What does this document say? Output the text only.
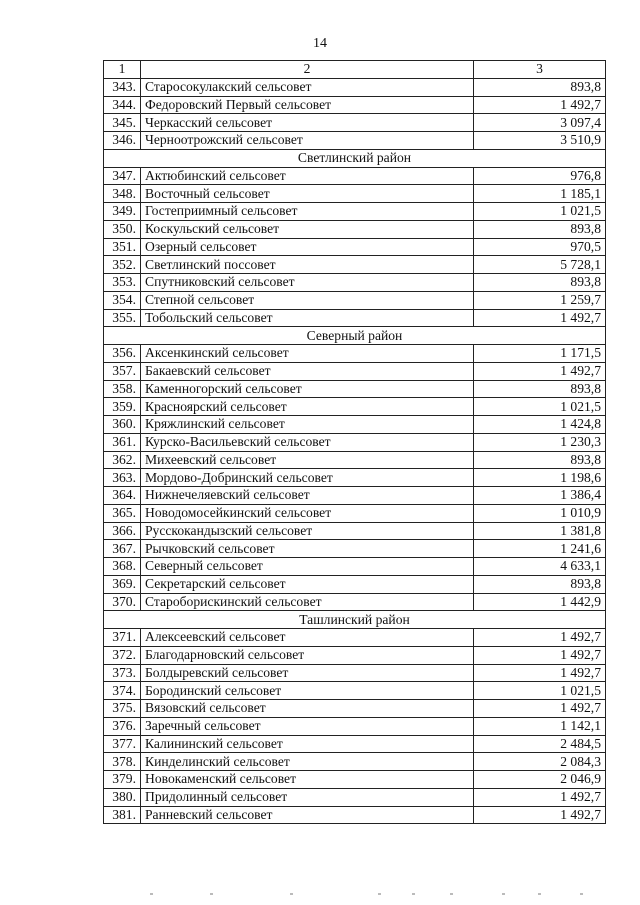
14
1	2	3
343.	Старосокулакский сельсовет	893,8
344.	Федоровский Первый сельсовет	1 492,7
345.	Черкасский сельсовет	3 097,4
346.	Черноотрожский сельсовет	3 510,9
Светлинский район		
347.	Актюбинский сельсовет	976,8
348.	Восточный сельсовет	1 185,1
349.	Гостеприимный сельсовет	1 021,5
350.	Коскульский сельсовет	893,8
351.	Озерный сельсовет	970,5
352.	Светлинский поссовет	5 728,1
353.	Спутниковский сельсовет	893,8
354.	Степной сельсовет	1 259,7
355.	Тобольский сельсовет	1 492,7
Северный район		
356.	Аксенкинский сельсовет	1 171,5
357.	Бакаевский сельсовет	1 492,7
358.	Каменногорский сельсовет	893,8
359.	Красноярский сельсовет	1 021,5
360.	Кряжлинский сельсовет	1 424,8
361.	Курско-Васильевский сельсовет	1 230,3
362.	Михеевский сельсовет	893,8
363.	Мордово-Добринский сельсовет	1 198,6
364.	Нижнечеляевский сельсовет	1 386,4
365.	Новодомосейкинский сельсовет	1 010,9
366.	Русскокандызский сельсовет	1 381,8
367.	Рычковский сельсовет	1 241,6
368.	Северный сельсовет	4 633,1
369.	Секретарский сельсовет	893,8
370.	Староборискинский сельсовет	1 442,9
Ташлинский район		
371.	Алексеевский сельсовет	1 492,7
372.	Благодарновский сельсовет	1 492,7
373.	Болдыревский сельсовет	1 492,7
374.	Бородинский сельсовет	1 021,5
375.	Вязовский сельсовет	1 492,7
376.	Заречный сельсовет	1 142,1
377.	Калининский сельсовет	2 484,5
378.	Кинделинский сельсовет	2 084,3
379.	Новокаменский сельсовет	2 046,9
380.	Придолинный сельсовет	1 492,7
381.	Ранневский сельсовет	1 492,7
